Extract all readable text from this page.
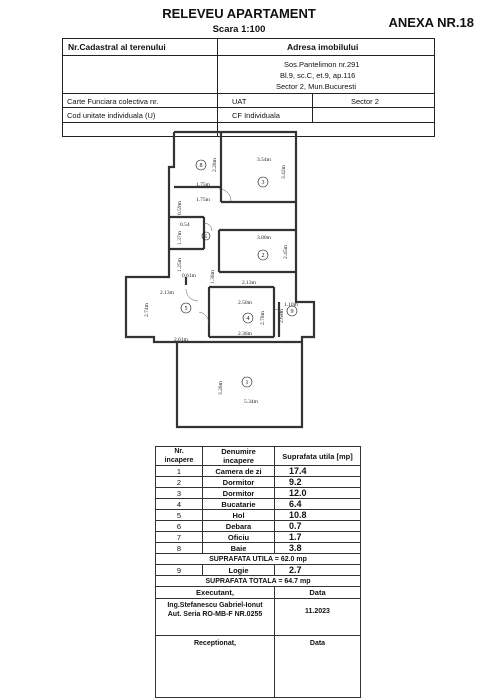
RELEVEU APARTAMENT
Scara 1:100	ANEXA NR.18
Nr.Cadastral al terenului	Adresa imobilului
Sos.Pantelimon nr.291
Bl.9, sc.C, et.9, ap.116
Sector 2, Mun.Bucuresti
Carte Funciara colectiva nr.	UAT	Sector 2
Cod unitate individuala (U)	CF Individuala
8
3
2
5
4
9
5
1
3.54m
3.42m
2.28m
1.75m
1.75m
0.59m
3.80m
2.45m
0.54
1.37m
1.25m
0.61m	1.38m	2.13m
2.50m
2.78m
2.36m
1.10m
2.61m
2.13m
2.74m
2.61m
5.34m
3.28m
Nr.
incapere	Denumire incapere	Suprafata utila [mp]
1	Camera de zi	17.4
2	Dormitor	9.2
3	Dormitor	12.0
4	Bucatarie	6.4
5	Hol	10.8
6	Debara	0.7
7	Oficiu	1.7
8	Baie	3.8
SUPRAFATA UTILA = 62.0 mp		
9	Logie	2.7
SUPRAFATA TOTALA = 64.7 mp		
Executant,		Data

Ing.Stefanescu Gabriel-Ionut
Aut. Seria RO-MB-F NR.0255		11.2023
Receptionat,		Data
